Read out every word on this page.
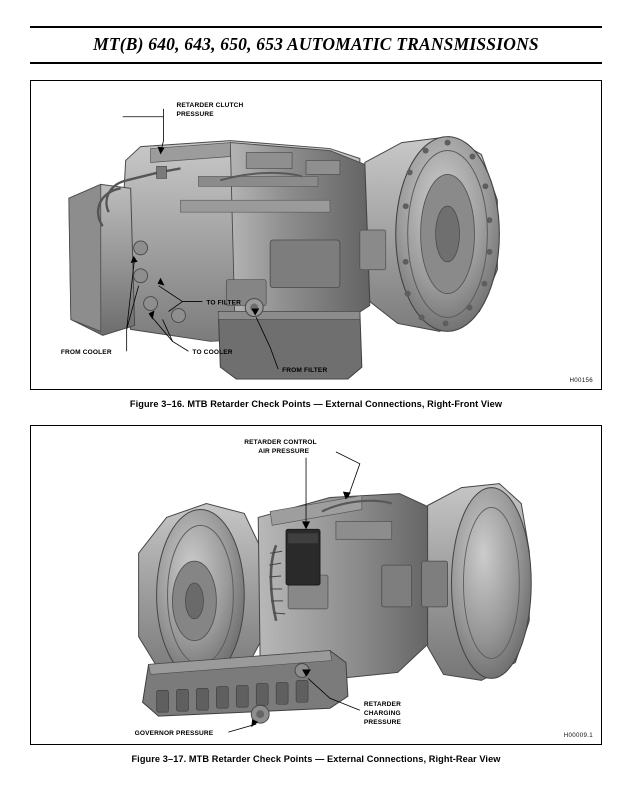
MT(B) 640, 643, 650, 653 AUTOMATIC TRANSMISSIONS
RETARDER CLUTCH
PRESSURE
TO FILTER
TO COOLER
FROM COOLER
FROM FILTER
H00156
Figure 3–16. MTB Retarder Check Points — External Connections, Right-Front View
RETARDER CONTROL
AIR PRESSURE
RETARDER
CHARGING
PRESSURE
GOVERNOR PRESSURE	H00009.1
Figure 3–17. MTB Retarder Check Points — External Connections, Right-Rear View
